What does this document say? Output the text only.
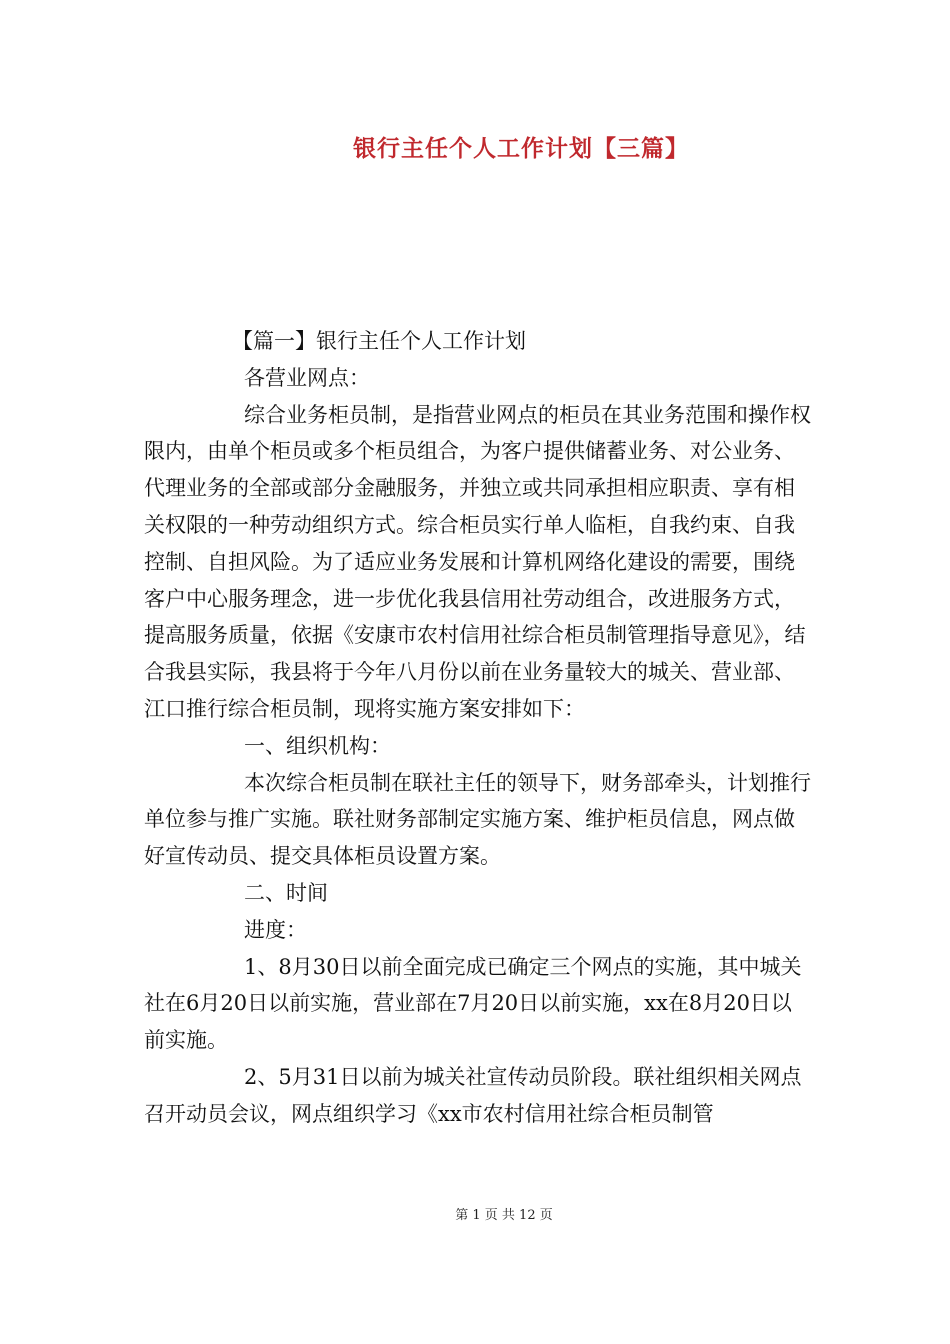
银行主任个人工作计划【三篇】

【篇一】银行主任个人工作计划

各营业网点：

综合业务柜员制，是指营业网点的柜员在其业务范围和操作权限内，由单个柜员或多个柜员组合，为客户提供储蓄业务、对公业务、代理业务的全部或部分金融服务，并独立或共同承担相应职责、享有相关权限的一种劳动组织方式。综合柜员实行单人临柜，自我约束、自我控制、自担风险。为了适应业务发展和计算机网络化建设的需要，围绕客户中心服务理念，进一步优化我县信用社劳动组合，改进服务方式，提高服务质量，依据《安康市农村信用社综合柜员制管理指导意见》，结合我县实际，我县将于今年八月份以前在业务量较大的城关、营业部、江口推行综合柜员制，现将实施方案安排如下：

一、组织机构：

本次综合柜员制在联社主任的领导下，财务部牵头，计划推行单位参与推广实施。联社财务部制定实施方案、维护柜员信息，网点做好宣传动员、提交具体柜员设置方案。

二、时间

进度：

1、8月30日以前全面完成已确定三个网点的实施，其中城关社在6月20日以前实施，营业部在7月20日以前实施，xx在8月20日以前实施。

2、5月31日以前为城关社宣传动员阶段。联社组织相关网点召开动员会议，网点组织学习《xx市农村信用社综合柜员制管

第 1 页 共 12 页
